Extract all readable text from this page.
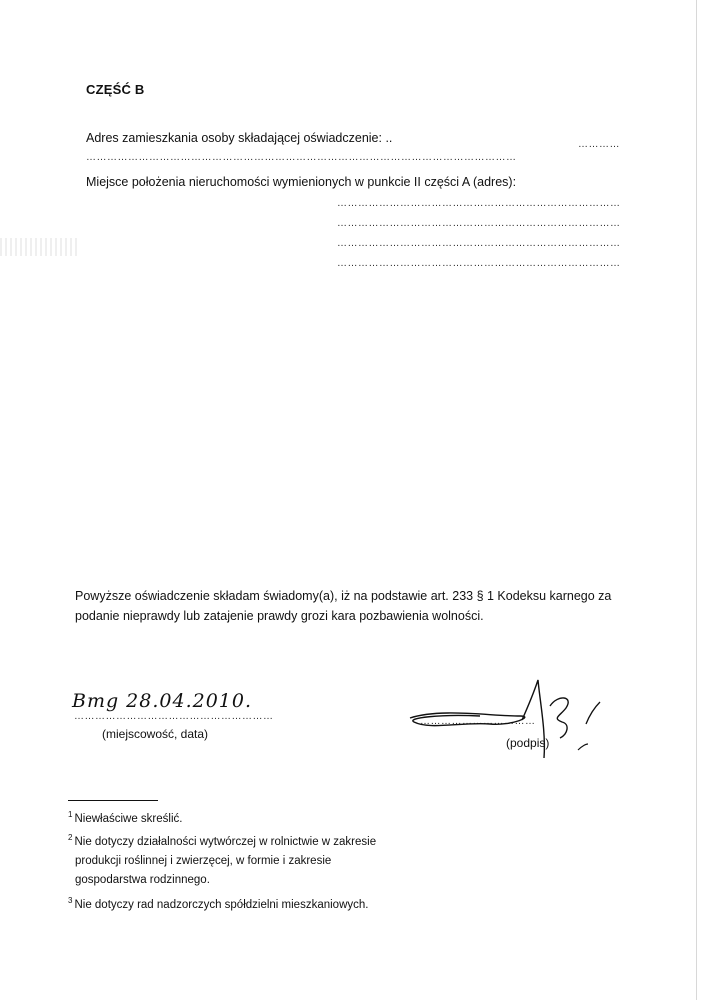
CZĘŚĆ B
Adres zamieszkania osoby składającej oświadczenie: ..	…………
……………………………………………………………………………………………………………
Miejsce położenia nieruchomości wymienionych w punkcie II części A (adres):
………………………………………………………………………
………………………………………………………………………
………………………………………………………………………
………………………………………………………………………
Powyższe oświadczenie składam świadomy(a), iż na podstawie art. 233 § 1 Kodeksu karnego za
podanie nieprawdy lub zatajenie prawdy grozi kara pozbawienia wolności.
Bmg 28.04.2010.
…………………………………………………
(miejscowość, data)
……………………………
(podpis)
$^1$ Niewłaściwe skreślić.
$^2$ Nie dotyczy działalności wytwórczej w rolnictwie w zakresie
produkcji roślinnej i zwierzęcej, w formie i zakresie
gospodarstwa rodzinnego.
$^3$ Nie dotyczy rad nadzorczych spółdzielni mieszkaniowych.
